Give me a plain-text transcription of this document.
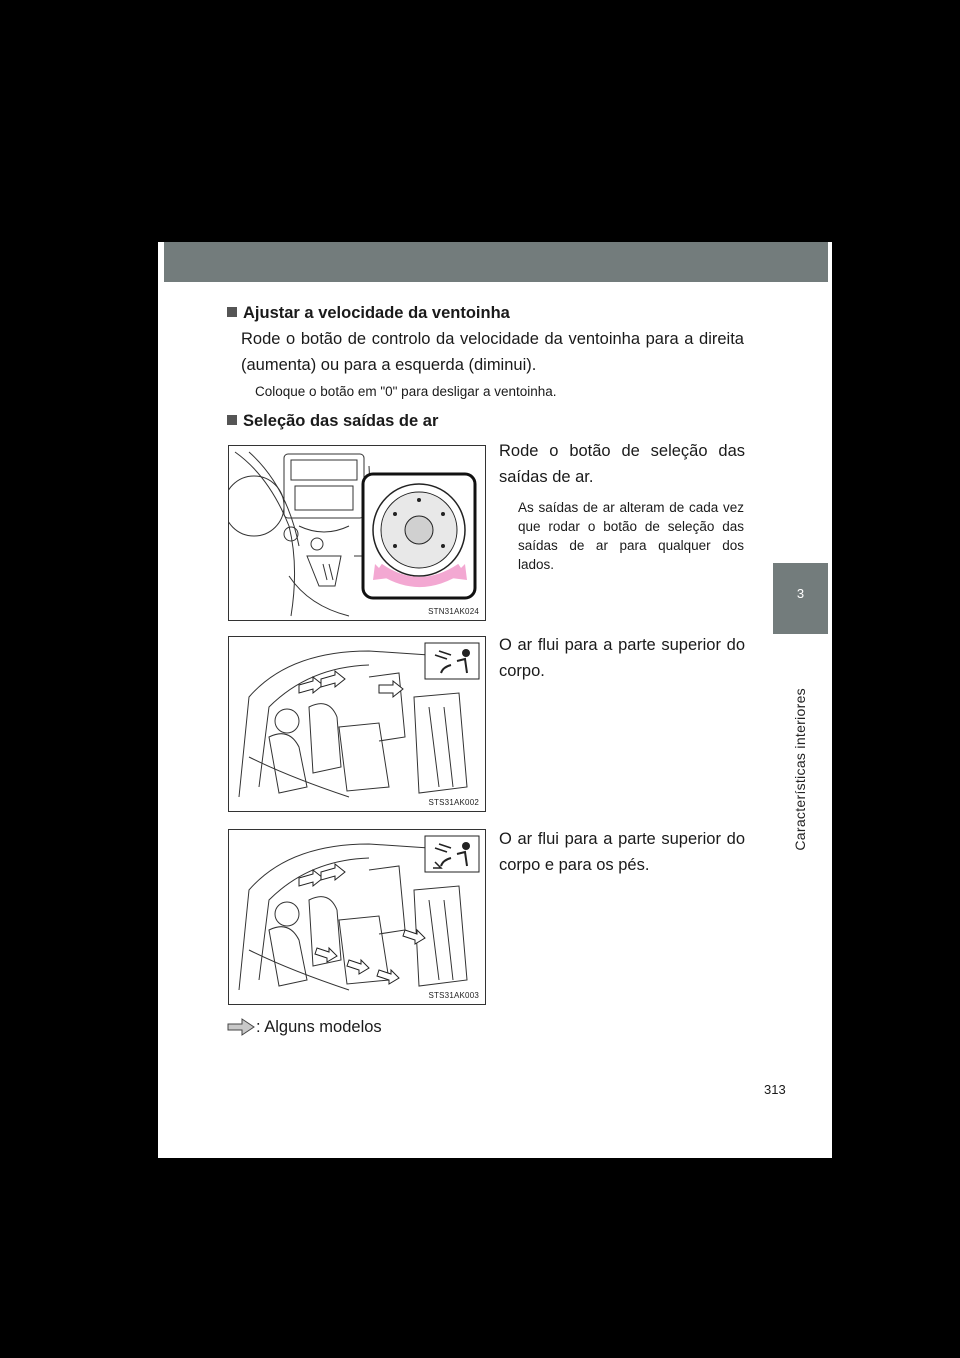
3
Características interiores
Ajustar a velocidade da ventoinha
Rode o botão de controlo da velocidade da ventoinha para a direita (aumenta) ou para a esquerda (diminui).
Coloque o botão em "0" para desligar a ventoinha.
Seleção das saídas de ar
STN31AK024
Rode o botão de seleção das saídas de ar.
As saídas de ar alteram de cada vez que rodar o botão de seleção das saídas de ar para qualquer dos lados.
STS31AK002
O ar flui para a parte superior do corpo.
STS31AK003
O ar flui para a parte superior do corpo e para os pés.
: Alguns modelos
313
